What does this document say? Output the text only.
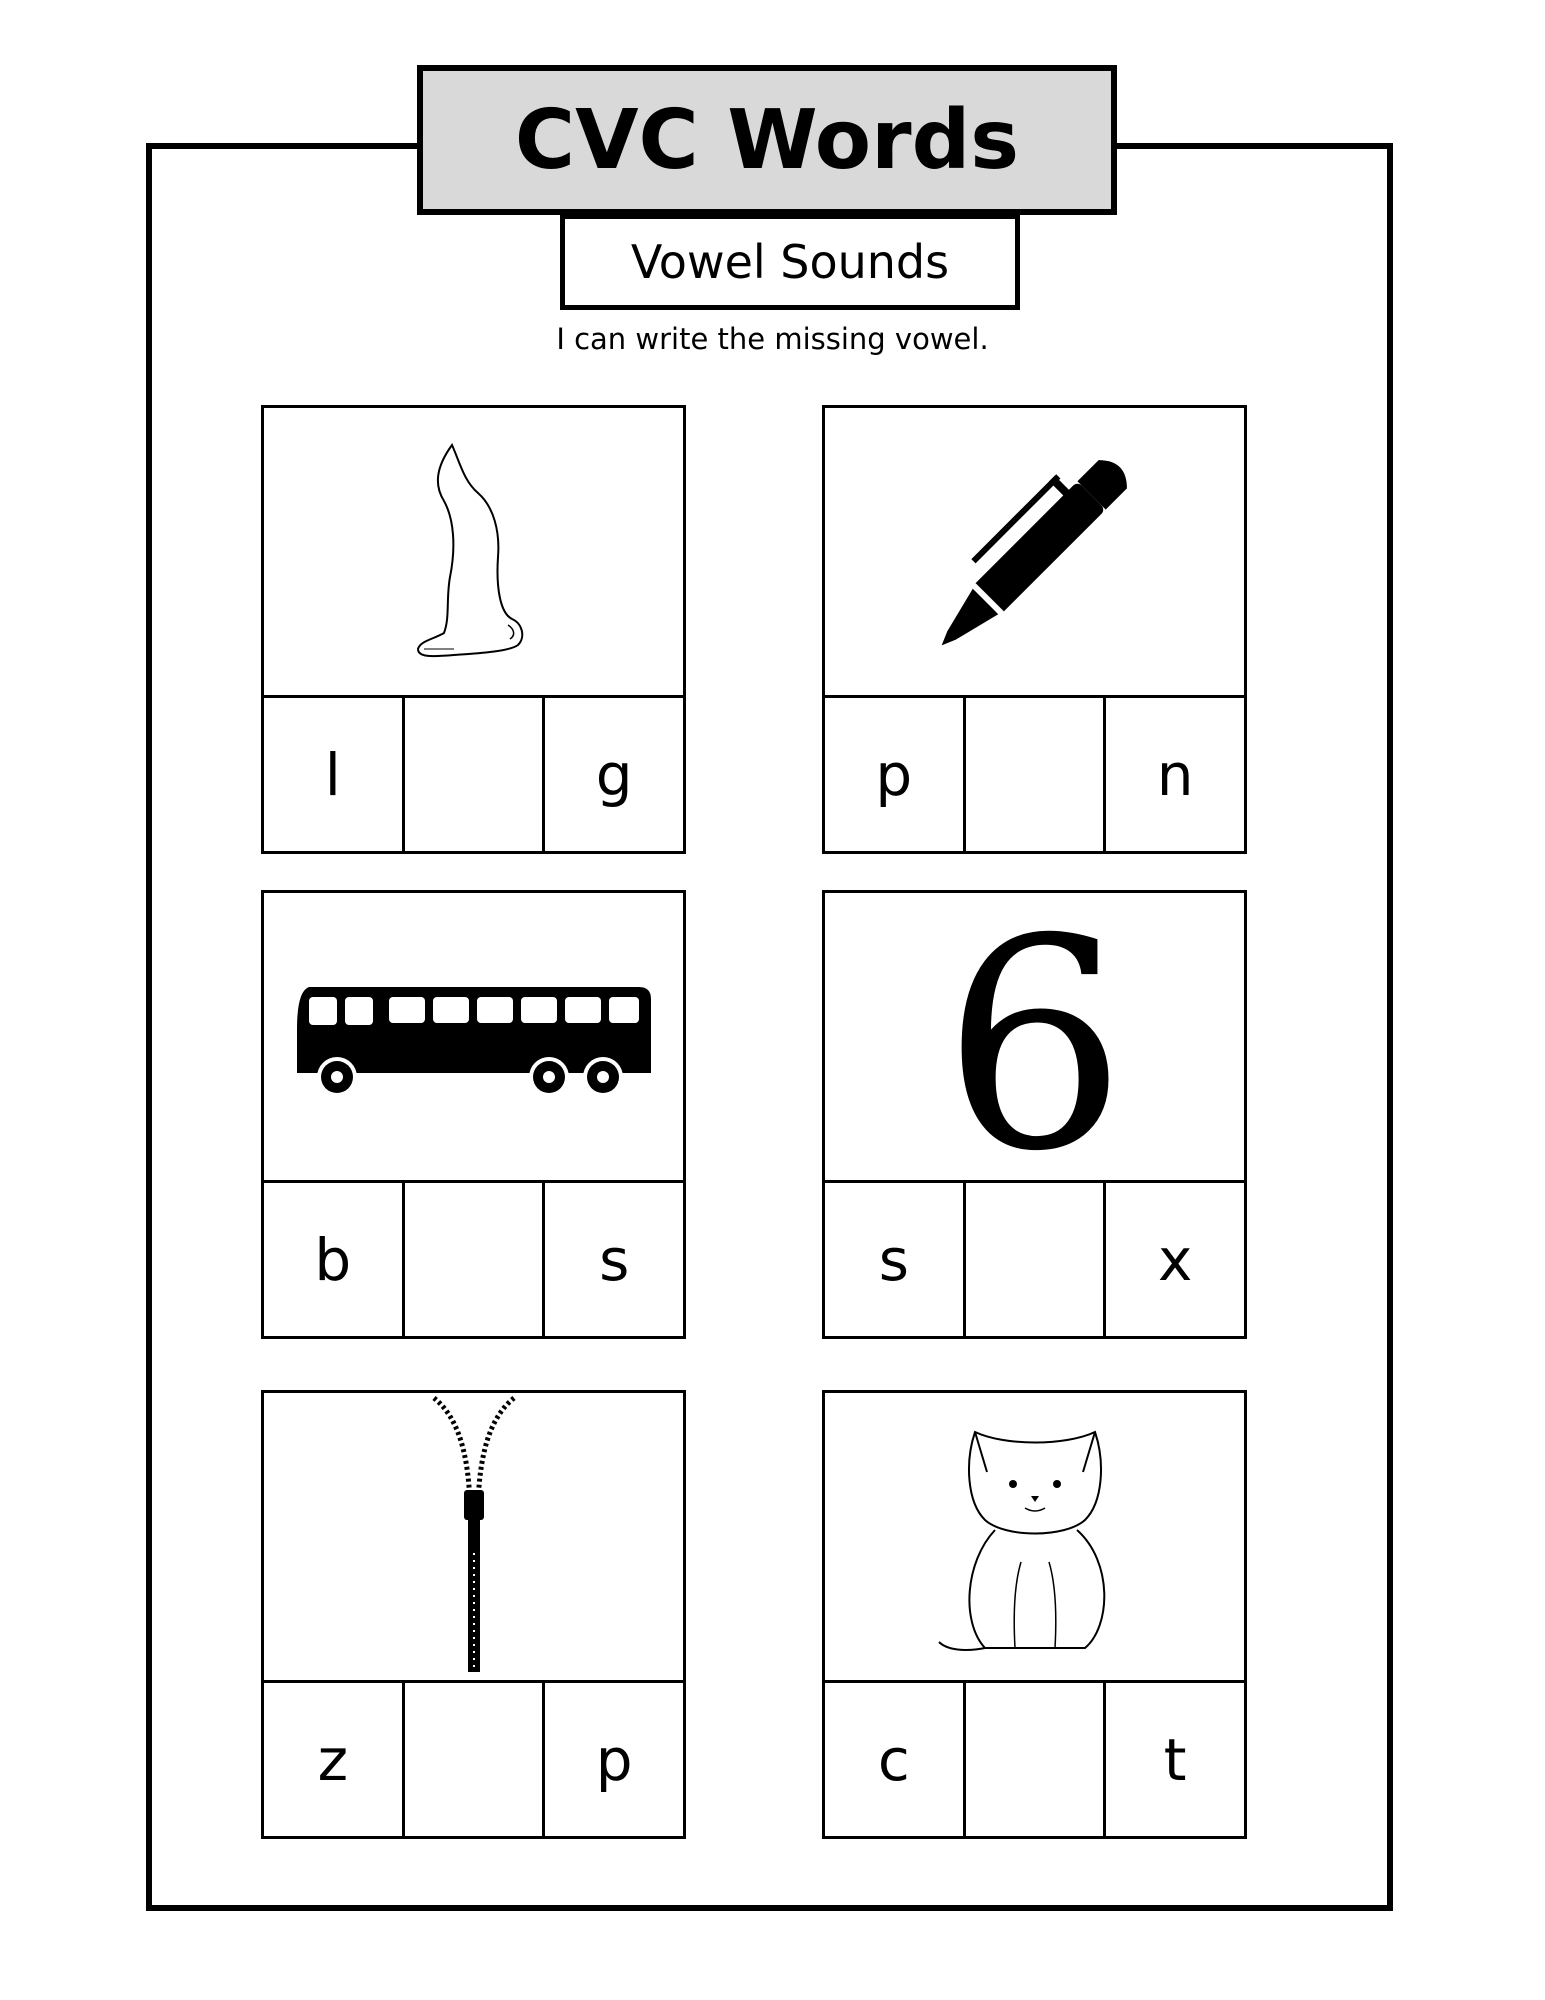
CVC Words
Vowel Sounds
I can write the missing vowel.
l	g	p	n
b	s
6
s	x
z	p	c	t
